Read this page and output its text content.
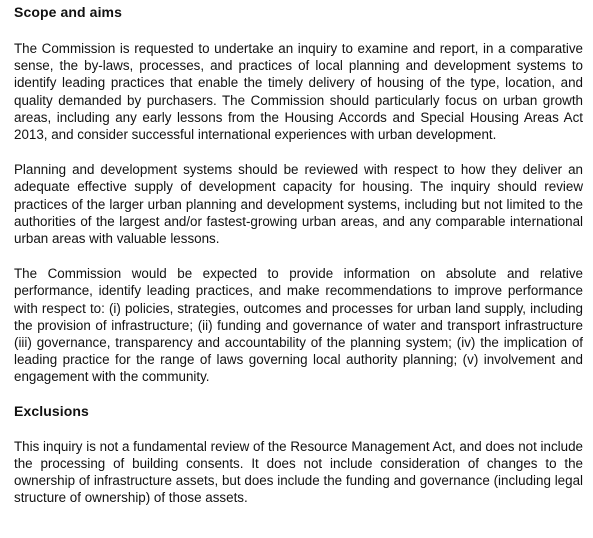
Scope and aims

The Commission is requested to undertake an inquiry to examine and report, in a comparative sense, the by-laws, processes, and practices of local planning and development systems to identify leading practices that enable the timely delivery of housing of the type, location, and quality demanded by purchasers. The Commission should particularly focus on urban growth areas, including any early lessons from the Housing Accords and Special Housing Areas Act 2013, and consider successful international experiences with urban development.

Planning and development systems should be reviewed with respect to how they deliver an adequate effective supply of development capacity for housing. The inquiry should review practices of the larger urban planning and development systems, including but not limited to the authorities of the largest and/or fastest-growing urban areas, and any comparable international urban areas with valuable lessons.

The Commission would be expected to provide information on absolute and relative performance, identify leading practices, and make recommendations to improve performance with respect to: (i) policies, strategies, outcomes and processes for urban land supply, including the provision of infrastructure; (ii) funding and governance of water and transport infrastructure (iii) governance, transparency and accountability of the planning system; (iv) the implication of leading practice for the range of laws governing local authority planning; (v) involvement and engagement with the community.

Exclusions

This inquiry is not a fundamental review of the Resource Management Act, and does not include the processing of building consents. It does not include consideration of changes to the ownership of infrastructure assets, but does include the funding and governance (including legal structure of ownership) of those assets.
